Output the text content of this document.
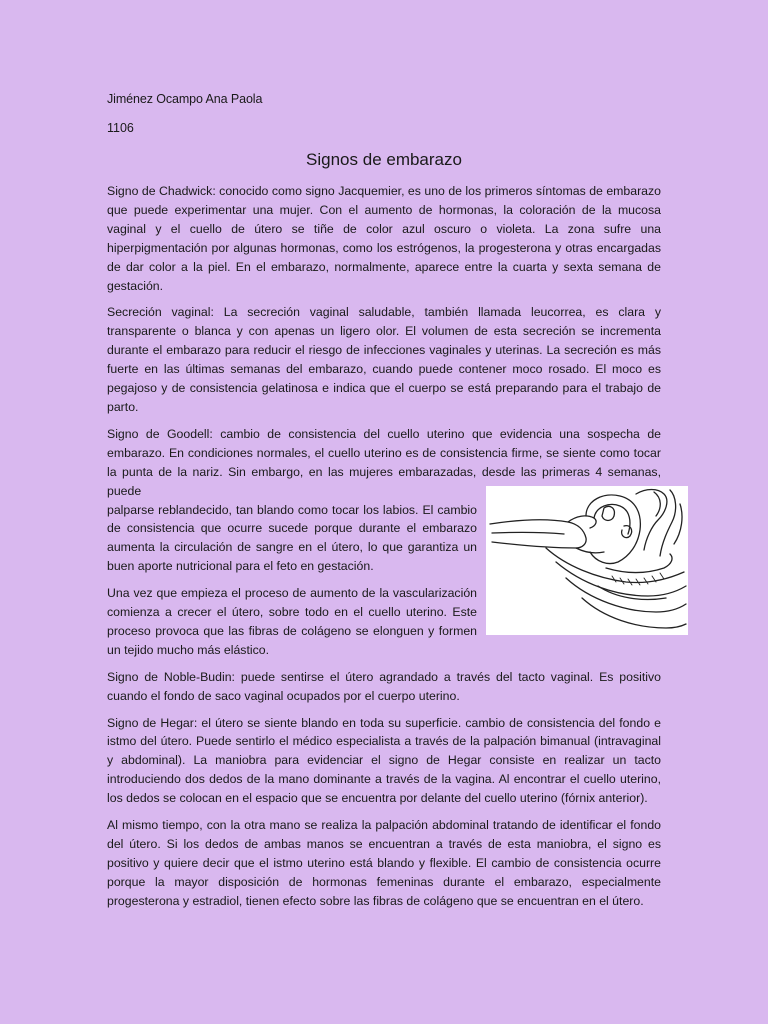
Jiménez Ocampo Ana Paola
1106
Signos de embarazo

Signo de Chadwick: conocido como signo Jacquemier, es uno de los primeros síntomas de embarazo que puede experimentar una mujer. Con el aumento de hormonas, la coloración de la mucosa vaginal y el cuello de útero se tiñe de color azul oscuro o violeta. La zona sufre una hiperpigmentación por algunas hormonas, como los estrógenos, la progesterona y otras encargadas de dar color a la piel. En el embarazo, normalmente, aparece entre la cuarta y sexta semana de gestación.

Secreción vaginal: La secreción vaginal saludable, también llamada leucorrea, es clara y transparente o blanca y con apenas un ligero olor. El volumen de esta secreción se incrementa durante el embarazo para reducir el riesgo de infecciones vaginales y uterinas. La secreción es más fuerte en las últimas semanas del embarazo, cuando puede contener moco rosado. El moco es pegajoso y de consistencia gelatinosa e indica que el cuerpo se está preparando para el trabajo de parto.

Signo de Goodell: cambio de consistencia del cuello uterino que evidencia una sospecha de embarazo. En condiciones normales, el cuello uterino es de consistencia firme, se siente como tocar la punta de la nariz. Sin embargo, en las mujeres embarazadas, desde las primeras 4 semanas, puede

palparse reblandecido, tan blando como tocar los labios. El cambio de consistencia que ocurre sucede porque durante el embarazo aumenta la circulación de sangre en el útero, lo que garantiza un buen aporte nutricional para el feto en gestación.

Una vez que empieza el proceso de aumento de la vascularización comienza a crecer el útero, sobre todo en el cuello uterino. Este proceso provoca que las fibras de colágeno se elonguen y formen un tejido mucho más elástico.

Signo de Noble-Budin: puede sentirse el útero agrandado a través del tacto vaginal. Es positivo cuando el fondo de saco vaginal ocupados por el cuerpo uterino.

Signo de Hegar: el útero se siente blando en toda su superficie. cambio de consistencia del fondo e istmo del útero. Puede sentirlo el médico especialista a través de la palpación bimanual (intravaginal y abdominal). La maniobra para evidenciar el signo de Hegar consiste en realizar un tacto introduciendo dos dedos de la mano dominante a través de la vagina. Al encontrar el cuello uterino, los dedos se colocan en el espacio que se encuentra por delante del cuello uterino (fórnix anterior).

Al mismo tiempo, con la otra mano se realiza la palpación abdominal tratando de identificar el fondo del útero. Si los dedos de ambas manos se encuentran a través de esta maniobra, el signo es positivo y quiere decir que el istmo uterino está blando y flexible. El cambio de consistencia ocurre porque la mayor disposición de hormonas femeninas durante el embarazo, especialmente progesterona y estradiol, tienen efecto sobre las fibras de colágeno que se encuentran en el útero.
